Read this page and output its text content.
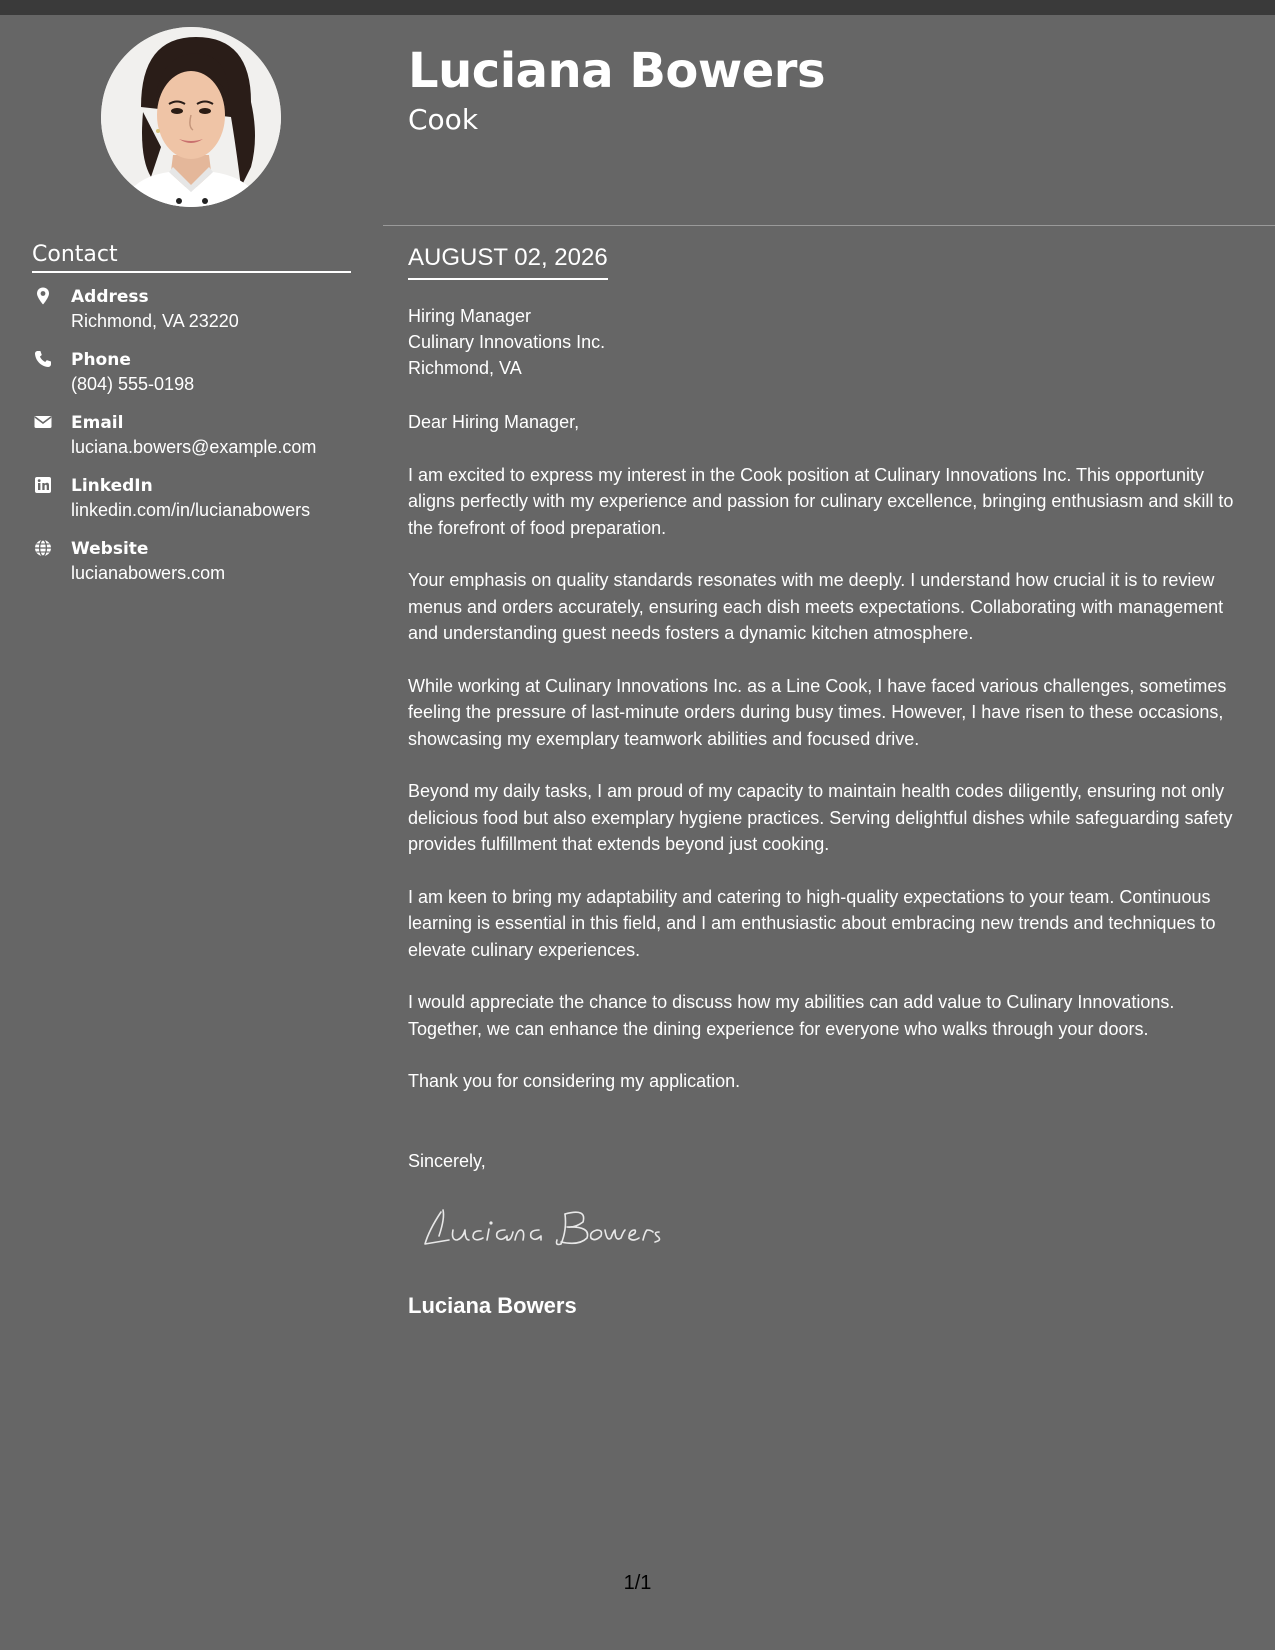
Luciana Bowers
Cook
Contact
Address
Richmond, VA 23220
Phone
(804) 555-0198
Email
luciana.bowers@example.com
LinkedIn
linkedin.com/in/lucianabowers
Website
lucianabowers.com
AUGUST 02, 2026
Hiring Manager
Culinary Innovations Inc.
Richmond, VA

Dear Hiring Manager,

I am excited to express my interest in the Cook position at Culinary Innovations Inc. This opportunity aligns perfectly with my experience and passion for culinary excellence, bringing enthusiasm and skill to the forefront of food preparation.

Your emphasis on quality standards resonates with me deeply. I understand how crucial it is to review menus and orders accurately, ensuring each dish meets expectations. Collaborating with management and understanding guest needs fosters a dynamic kitchen atmosphere.

While working at Culinary Innovations Inc. as a Line Cook, I have faced various challenges, sometimes feeling the pressure of last-minute orders during busy times. However, I have risen to these occasions, showcasing my exemplary teamwork abilities and focused drive.

Beyond my daily tasks, I am proud of my capacity to maintain health codes diligently, ensuring not only delicious food but also exemplary hygiene practices. Serving delightful dishes while safeguarding safety provides fulfillment that extends beyond just cooking.

I am keen to bring my adaptability and catering to high-quality expectations to your team. Continuous learning is essential in this field, and I am enthusiastic about embracing new trends and techniques to elevate culinary experiences.

I would appreciate the chance to discuss how my abilities can add value to Culinary Innovations. Together, we can enhance the dining experience for everyone who walks through your doors.

Thank you for considering my application.

Sincerely,
Luciana Bowers
1/1
